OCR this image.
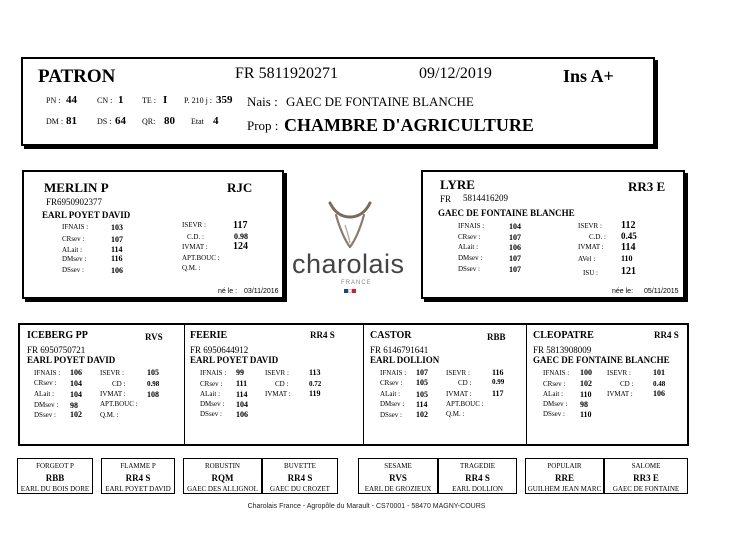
PATRON	FR 5811920271	09/12/2019	Ins A+
PN : 44	CN : 1 TE : I P. 210 j : 359 Nais : GAEC DE FONTAINE BLANCHE
DM : 81	DS : 64 QR: 80 Etat 4 Prop : CHAMBRE D'AGRICULTURE
MERLIN P	RJC
FR6950902377
EARL POYET DAVID
IFNAIS :	103
CRsev :	107
ALait :	114
DMsev :	116
DSsev :	106
ISEVR :	117
C.D. :	0.98
IVMAT :	124
APT.BOUC :
Q.M. :
né le : 03/11/2016
charolais
FRANCE
LYRE	RR3 E
FR 5814416209
GAEC DE FONTAINE BLANCHE
IFNAIS :	104
CRsev :	107
ALait :	106
DMsev :	107
DSsev :	107
ISEVR : 112
C.D. : 0.45
IVMAT : 114
AVel :	110
ISU : 121
née le: 05/11/2015
ICEBERG PP	RVS
FR 6950750721
EARL POYET DAVID
IFNAIS : 106
CRsev : 104
ALait : 104
DMsev : 98
DSsev : 102
ISEVR :	105
CD :	0.98
IVMAT :	108
APT.BOUC :
Q.M. :
FEERIE	RR4 S
FR 6950644912
EARL POYET DAVID
IFNAIS : 99
CRsev : 111
ALait : 114
DMsev : 104
DSsev : 106
ISEVR :	113
CD :	0.72
IVMAT : 119
CASTOR	RBB
FR 6146791641
EARL DOLLION
IFNAIS : 107
CRsev : 105
ALait : 105
DMsev : 114
DSsev : 102
ISEVR :	116
CD :	0.99
IVMAT :	117
APT.BOUC :
Q.M. :
CLEOPATRE	RR4 S
FR 5813908009
GAEC DE FONTAINE BLANCHE
IFNAIS : 100
CRsev : 102
ALait : 110
DMsev : 98
DSsev : 110
ISEVR :	101
CD :	0.48
IVMAT :	106
FORGEOT P
RBB
EARL DU BOIS DORE
FLAMME P
RR4 S
EARL POYET DAVID
ROBUSTIN
RQM
GAEC DES ALLIGNOL
BUVETTE
RR4 S
GAEC DU CROZET
SESAME
RVS
EARL DE GROZIEUX
TRAGEDIE
RR4 S
EARL DOLLION
POPULAIR
RRE
GUILHEM JEAN MARC
SALOME
RR3 E
GAEC DE FONTAINE
Charolais France - Agropôle du Marault - CS70001 - 58470 MAGNY-COURS
